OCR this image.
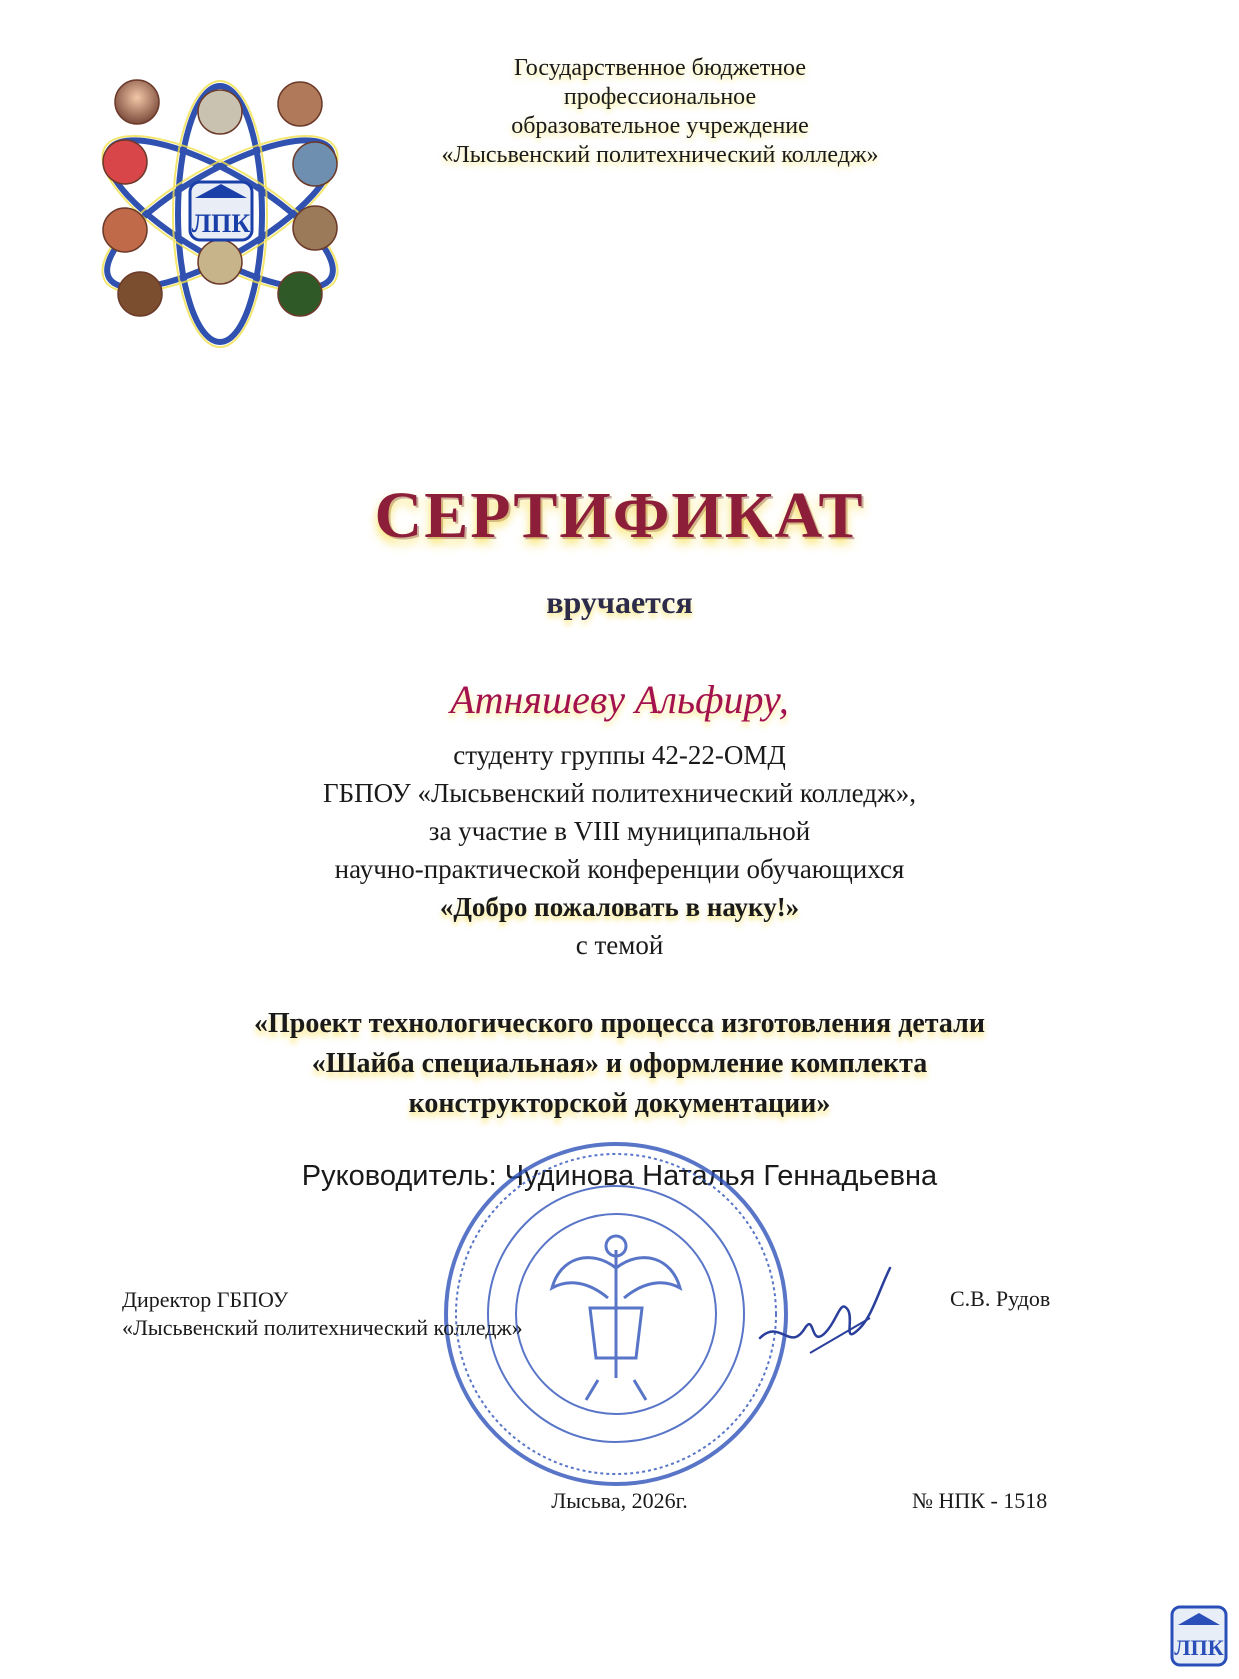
Государственное бюджетное профессиональное
образовательное учреждение
«Лысьвенский политехнический колледж»
ЛПК
СЕРТИФИКАТ
вручается
Атняшеву Альфиру,
студенту группы 42-22-ОМД
ГБПОУ «Лысьвенский политехнический колледж»,
за участие в VIII муниципальной
научно-практической конференции обучающихся
«Добро пожаловать в науку!»
с темой
«Проект технологического процесса изготовления детали
«Шайба специальная» и оформление комплекта
конструкторской документации»
Руководитель: Чудинова Наталья Геннадьевна
Директор ГБПОУ
«Лысьвенский политехнический колледж»
С.В. Рудов
Лысьва, 2026г.	№ НПК - 1518
ЛПК
